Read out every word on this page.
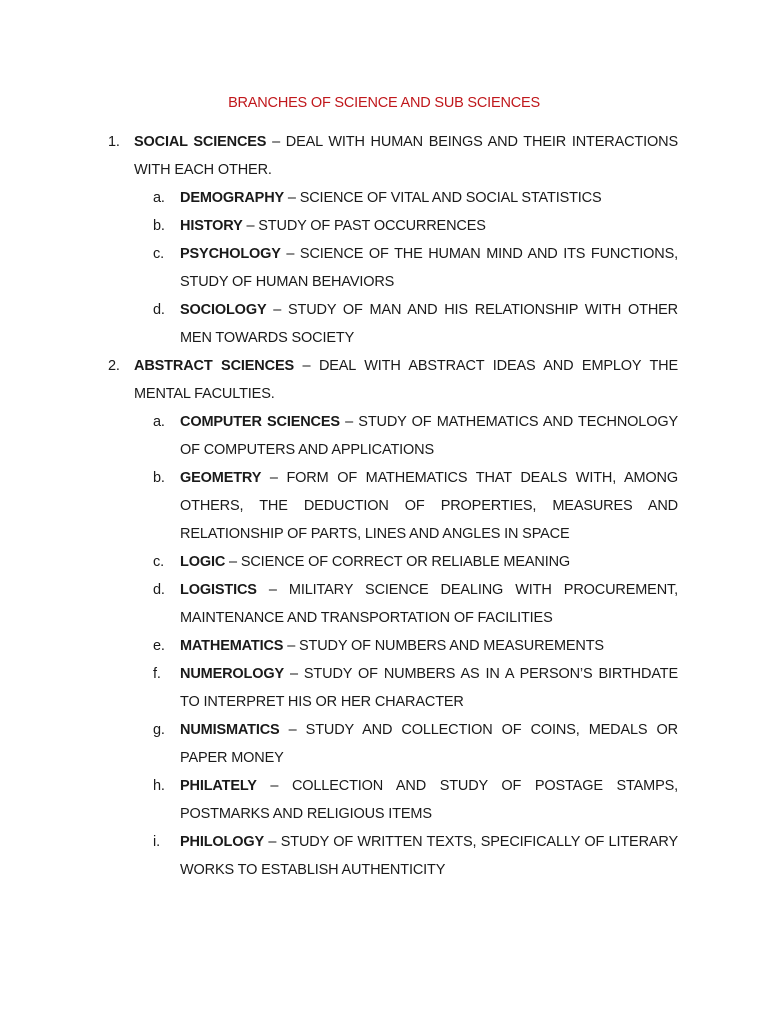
BRANCHES OF SCIENCE AND SUB SCIENCES
1. SOCIAL SCIENCES – DEAL WITH HUMAN BEINGS AND THEIR INTERACTIONS WITH EACH OTHER.
a.	DEMOGRAPHY – SCIENCE OF VITAL AND SOCIAL STATISTICS
b.	HISTORY – STUDY OF PAST OCCURRENCES
c.	PSYCHOLOGY – SCIENCE OF THE HUMAN MIND AND ITS FUNCTIONS, STUDY OF HUMAN BEHAVIORS
d.	SOCIOLOGY – STUDY OF MAN AND HIS RELATIONSHIP WITH OTHER MEN TOWARDS SOCIETY
2. ABSTRACT SCIENCES – DEAL WITH ABSTRACT IDEAS AND EMPLOY THE MENTAL FACULTIES.
a.	COMPUTER SCIENCES – STUDY OF MATHEMATICS AND TECHNOLOGY OF COMPUTERS AND APPLICATIONS
b.	GEOMETRY – FORM OF MATHEMATICS THAT DEALS WITH, AMONG OTHERS, THE DEDUCTION OF PROPERTIES, MEASURES AND RELATIONSHIP OF PARTS, LINES AND ANGLES IN SPACE
c.	LOGIC – SCIENCE OF CORRECT OR RELIABLE MEANING
d.	LOGISTICS – MILITARY SCIENCE DEALING WITH PROCUREMENT, MAINTENANCE AND TRANSPORTATION OF FACILITIES
e.	MATHEMATICS – STUDY OF NUMBERS AND MEASUREMENTS
f.	NUMEROLOGY – STUDY OF NUMBERS AS IN A PERSON’S BIRTHDATE TO INTERPRET HIS OR HER CHARACTER
g.	NUMISMATICS – STUDY AND COLLECTION OF COINS, MEDALS OR PAPER MONEY
h.	PHILATELY – COLLECTION AND STUDY OF POSTAGE STAMPS, POSTMARKS AND RELIGIOUS ITEMS
i.	PHILOLOGY – STUDY OF WRITTEN TEXTS, SPECIFICALLY OF LITERARY WORKS TO ESTABLISH AUTHENTICITY
